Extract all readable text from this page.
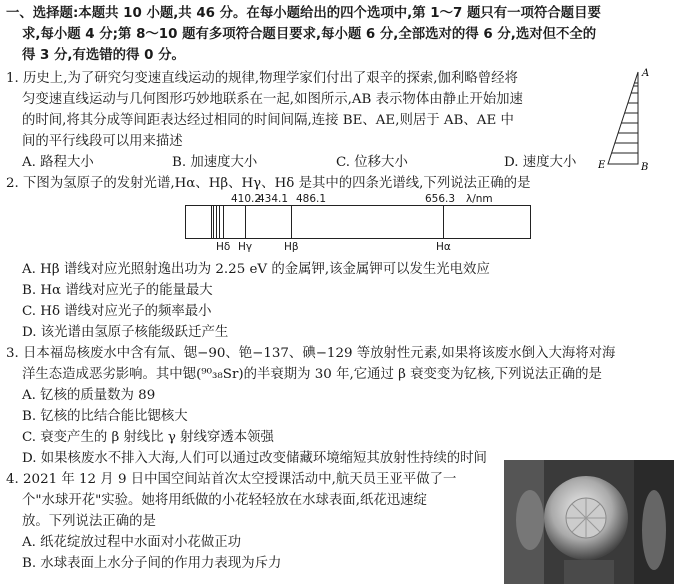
一、选择题:本题共 10 小题,共 46 分。在每小题给出的四个选项中,第 1～7 题只有一项符合题目要
求,每小题 4 分;第 8～10 题有多项符合题目要求,每小题 6 分,全部选对的得 6 分,选对但不全的
得 3 分,有选错的得 0 分。
1. 历史上,为了研究匀变速直线运动的规律,物理学家们付出了艰辛的探索,伽利略曾经将
匀变速直线运动与几何图形巧妙地联系在一起,如图所示,AB 表示物体由静止开始加速
的时间,将其分成等间距表达经过相同的时间间隔,连接 BE、AE,则居于 AB、AE 中
间的平行线段可以用来描述
A. 路程大小	B. 加速度大小	C. 位移大小	D. 速度大小
A
E	B
2. 下图为氢原子的发射光谱,Hα、Hβ、Hγ、Hδ 是其中的四条光谱线,下列说法正确的是
410.2
434.1 486.1	656.3 λ/nm
Hδ Hγ	Hβ	Hα
A. Hβ 谱线对应光照射逸出功为 2.25 eV 的金属钾,该金属钾可以发生光电效应
B. Hα 谱线对应光子的能量最大
C. Hδ 谱线对应光子的频率最小
D. 该光谱由氢原子核能级跃迁产生
3. 日本福岛核废水中含有氚、锶−90、铯−137、碘−129 等放射性元素,如果将该废水倒入大海将对海
洋生态造成恶劣影响。其中锶(⁹⁰₃₈Sr)的半衰期为 30 年,它通过 β 衰变变为钇核,下列说法正确的是
A. 钇核的质量数为 89
B. 钇核的比结合能比锶核大
C. 衰变产生的 β 射线比 γ 射线穿透本领强
D. 如果核废水不排入大海,人们可以通过改变储藏环境缩短其放射性持续的时间
4. 2021 年 12 月 9 日中国空间站首次太空授课活动中,航天员王亚平做了一
个"水球开花"实验。她将用纸做的小花轻轻放在水球表面,纸花迅速绽
放。下列说法正确的是
A. 纸花绽放过程中水面对小花做正功
B. 水球表面上水分子间的作用力表现为斥力
